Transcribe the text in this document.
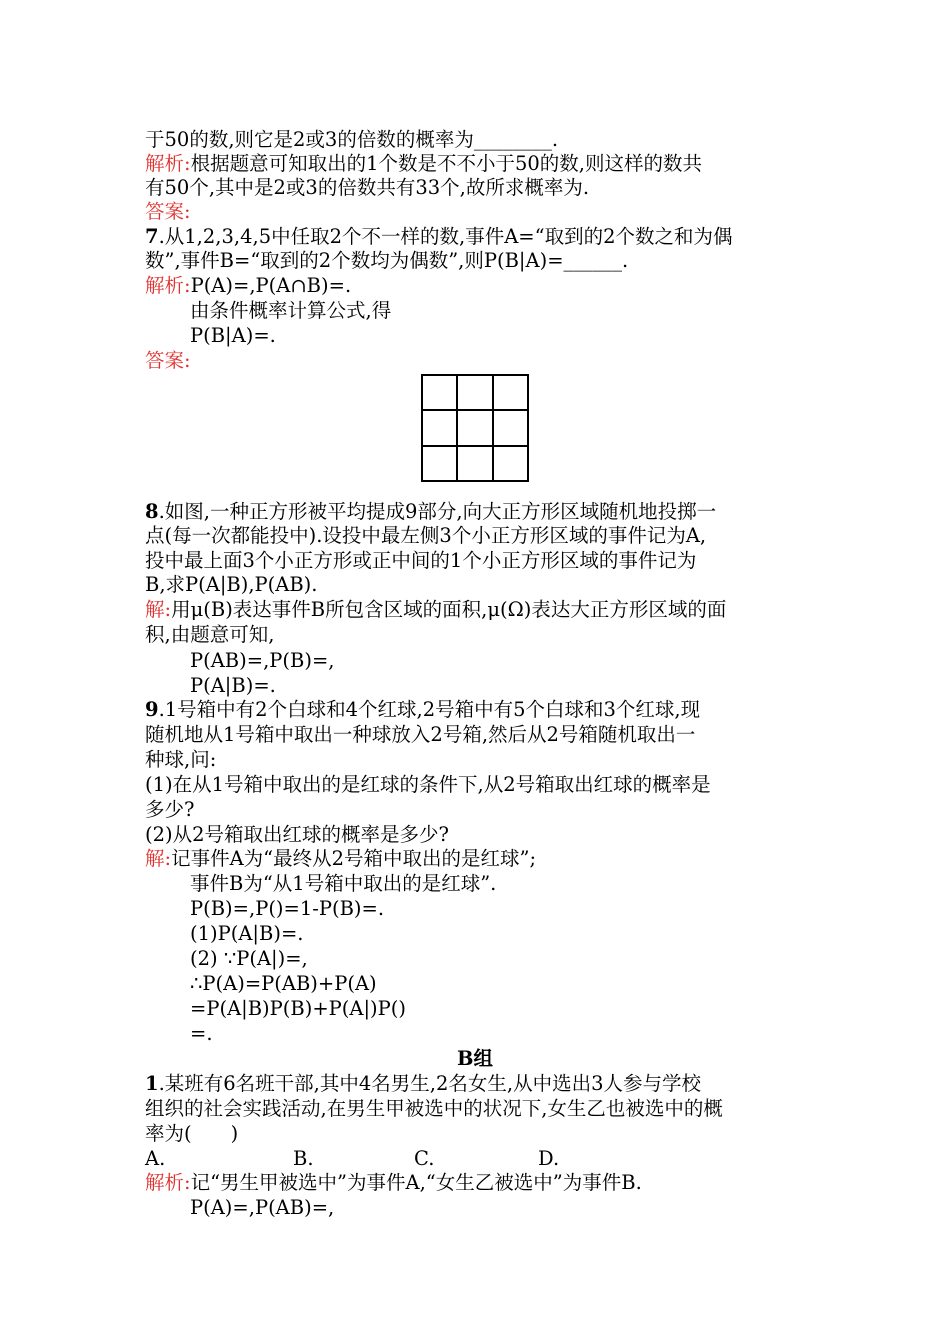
于50的数,则它是2或3的倍数的概率为________.
解析:根据题意可知取出的1个数是不不小于50的数,则这样的数共
有50个,其中是2或3的倍数共有33个,故所求概率为.
答案:
7.从1,2,3,4,5中任取2个不一样的数,事件A=“取到的2个数之和为偶
数”,事件B=“取到的2个数均为偶数”,则P(B|A)=______.
解析:P(A)=,P(A∩B)=.
由条件概率计算公式,得
P(B|A)=.
答案:
8.如图,一种正方形被平均提成9部分,向大正方形区域随机地投掷一
点(每一次都能投中).设投中最左侧3个小正方形区域的事件记为A,
投中最上面3个小正方形或正中间的1个小正方形区域的事件记为
B,求P(A|B),P(AB).
解:用μ(B)表达事件B所包含区域的面积,μ(Ω)表达大正方形区域的面
积,由题意可知,
P(AB)=,P(B)=,
P(A|B)=.
9.1号箱中有2个白球和4个红球,2号箱中有5个白球和3个红球,现
随机地从1号箱中取出一种球放入2号箱,然后从2号箱随机取出一
种球,问:
(1)在从1号箱中取出的是红球的条件下,从2号箱取出红球的概率是
多少?
(2)从2号箱取出红球的概率是多少?
解:记事件A为“最终从2号箱中取出的是红球”;
事件B为“从1号箱中取出的是红球”.
P(B)=,P()=1-P(B)=.
(1)P(A|B)=.
(2) ∵P(A|)=,
∴P(A)=P(AB)+P(A)
=P(A|B)P(B)+P(A|)P()
=.
B组
1.某班有6名班干部,其中4名男生,2名女生,从中选出3人参与学校
组织的社会实践活动,在男生甲被选中的状况下,女生乙也被选中的概
率为(　　)
A.	B.	C.	D.
解析:记“男生甲被选中”为事件A,“女生乙被选中”为事件B.
P(A)=,P(AB)=,
